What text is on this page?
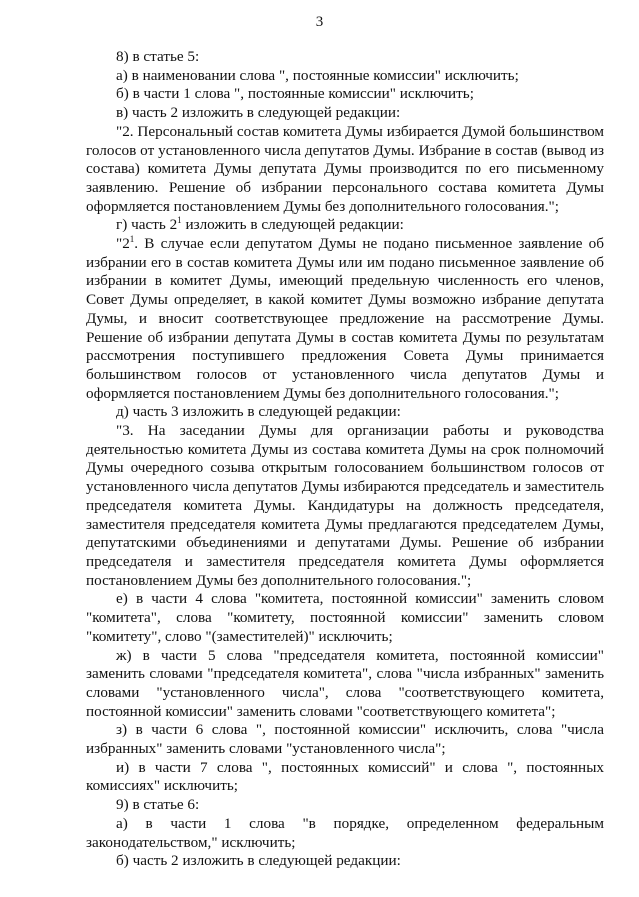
3

8) в статье 5:

а) в наименовании слова ", постоянные комиссии" исключить;

б) в части 1 слова ", постоянные комиссии" исключить;

в) часть 2 изложить в следующей редакции:

"2. Персональный состав комитета Думы избирается Думой большинством голосов от установленного числа депутатов Думы. Избрание в состав (вывод из состава) комитета Думы депутата Думы производится по его письменному заявлению. Решение об избрании персонального состава комитета Думы оформляется постановлением Думы без дополнительного голосования.";

г) часть $2^1$ изложить в следующей редакции:

"$2^1$. В случае если депутатом Думы не подано письменное заявление об избрании его в состав комитета Думы или им подано письменное заявление об избрании в комитет Думы, имеющий предельную численность его членов, Совет Думы определяет, в какой комитет Думы возможно избрание депутата Думы, и вносит соответствующее предложение на рассмотрение Думы. Решение об избрании депутата Думы в состав комитета Думы по результатам рассмотрения поступившего предложения Совета Думы принимается большинством голосов от установленного числа депутатов Думы и оформляется постановлением Думы без дополнительного голосования.";

д) часть 3 изложить в следующей редакции:

"3. На заседании Думы для организации работы и руководства деятельностью комитета Думы из состава комитета Думы на срок полномочий Думы очередного созыва открытым голосованием большинством голосов от установленного числа депутатов Думы избираются председатель и заместитель председателя комитета Думы. Кандидатуры на должность председателя, заместителя председателя комитета Думы предлагаются председателем Думы, депутатскими объединениями и депутатами Думы. Решение об избрании председателя и заместителя председателя комитета Думы оформляется постановлением Думы без дополнительного голосования.";

е) в части 4 слова "комитета, постоянной комиссии" заменить словом "комитета", слова "комитету, постоянной комиссии" заменить словом "комитету", слово "(заместителей)" исключить;

ж) в части 5 слова "председателя комитета, постоянной комиссии" заменить словами "председателя комитета", слова "числа избранных" заменить словами "установленного числа", слова "соответствующего комитета, постоянной комиссии" заменить словами "соответствующего комитета";

з) в части 6 слова ", постоянной комиссии" исключить, слова "числа избранных" заменить словами "установленного числа";

и) в части 7 слова ", постоянных комиссий" и слова ", постоянных комиссиях" исключить;

9) в статье 6:

а) в части 1 слова "в порядке, определенном федеральным законодательством," исключить;

б) часть 2 изложить в следующей редакции:
